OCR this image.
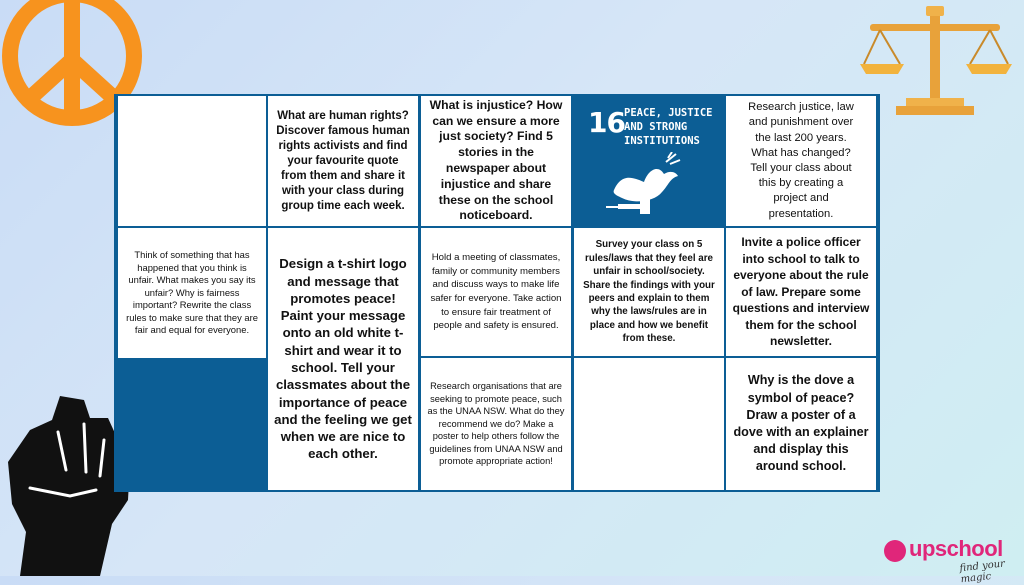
What are human rights? Discover famous human rights activists and find your favourite quote from them and share it with your class during group time each week.
What is injustice? How can we ensure a more just society? Find 5 stories in the newspaper about injustice and share these on the school noticeboard.
16 PEACE, JUSTICE AND STRONG INSTITUTIONS
Research justice, law and punishment over the last 200 years. What has changed? Tell your class about this by creating a project and presentation.
Think of something that has happened that you think is unfair. What makes you say its unfair? Why is fairness important? Rewrite the class rules to make sure that they are fair and equal for everyone.
Design a t-shirt logo and message that promotes peace! Paint your message onto an old white t-shirt and wear it to school. Tell your classmates about the importance of peace and the feeling we get when we are nice to each other.
Hold a meeting of classmates, family or community members and discuss ways to make life safer for everyone. Take action to ensure fair treatment of people and safety is ensured.
Survey your class on 5 rules/laws that they feel are unfair in school/society. Share the findings with your peers and explain to them why the laws/rules are in place and how we benefit from these.
Invite a police officer into school to talk to everyone about the rule of law. Prepare some questions and interview them for the school newsletter.
Research organisations that are seeking to promote peace, such as the UNAA NSW. What do they recommend we do? Make a poster to help others follow the guidelines from UNAA NSW and promote appropriate action!
Why is the dove a symbol of peace? Draw a poster of a dove with an explainer and display this around school.
upschool
find your magic
